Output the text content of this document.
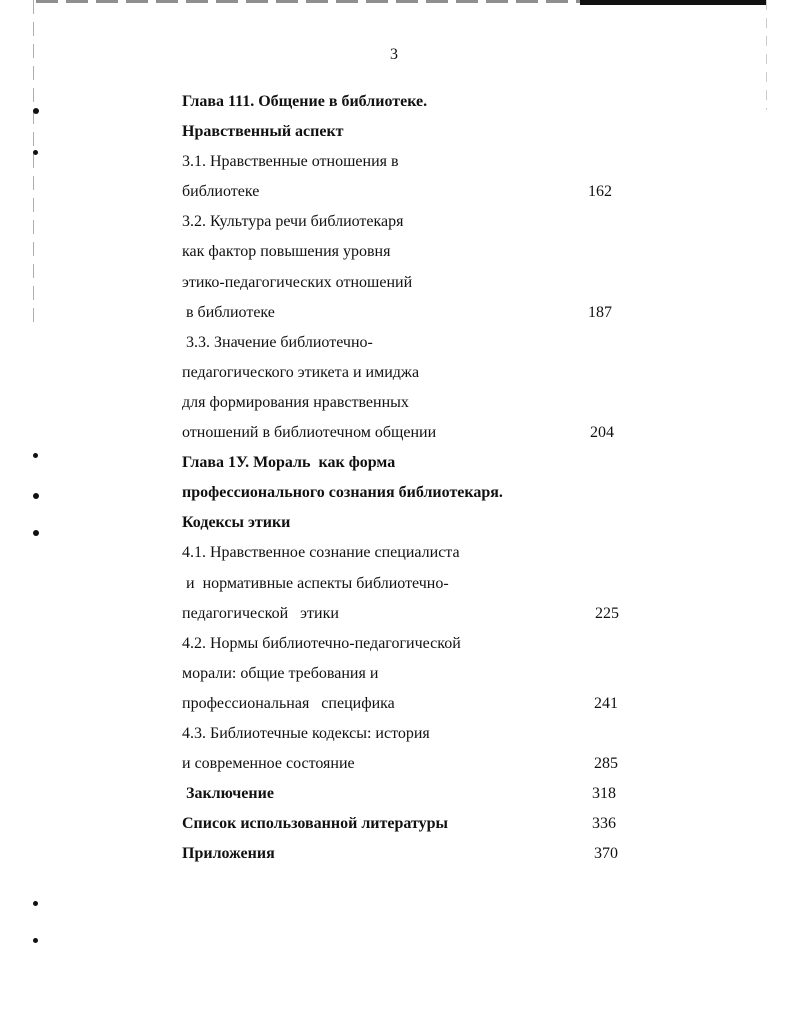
3
Глава 111. Общение в библиотеке.
Нравственный аспект
3.1. Нравственные отношения в
библиотеке	162
3.2. Культура речи библиотекаря
как фактор повышения уровня
этико-педагогических отношений
в библиотеке	187
3.3. Значение библиотечно-
педагогического этикета и имиджа
для формирования нравственных
отношений в библиотечном общении	204
Глава 1У. Мораль  как форма
профессионального сознания библиотекаря.
Кодексы этики
4.1. Нравственное сознание специалиста
и  нормативные аспекты библиотечно-
педагогической   этики	225
4.2. Нормы библиотечно-педагогической
морали: общие требования и
профессиональная   специфика	241
4.3. Библиотечные кодексы: история
и современное состояние	285
Заключение	318
Список использованной литературы	336
Приложения	370
